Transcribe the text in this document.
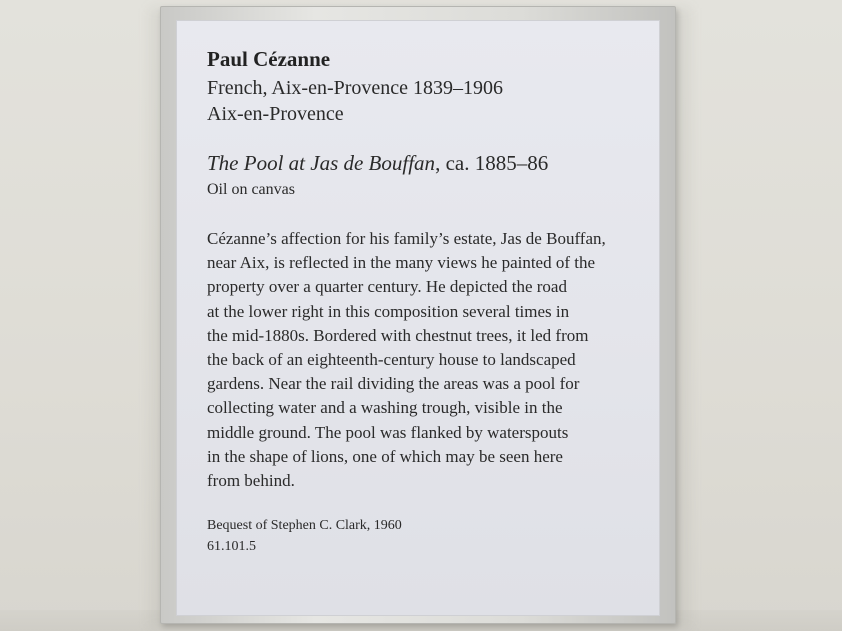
Paul Cézanne
French, Aix-en-Provence 1839–1906
Aix-en-Provence
The Pool at Jas de Bouffan, ca. 1885–86
Oil on canvas
Cézanne’s affection for his family’s estate, Jas de Bouffan,
near Aix, is reflected in the many views he painted of the
property over a quarter century. He depicted the road
at the lower right in this composition several times in
the mid-1880s. Bordered with chestnut trees, it led from
the back of an eighteenth-century house to landscaped
gardens. Near the rail dividing the areas was a pool for
collecting water and a washing trough, visible in the
middle ground. The pool was flanked by waterspouts
in the shape of lions, one of which may be seen here
from behind.
Bequest of Stephen C. Clark, 1960
61.101.5
